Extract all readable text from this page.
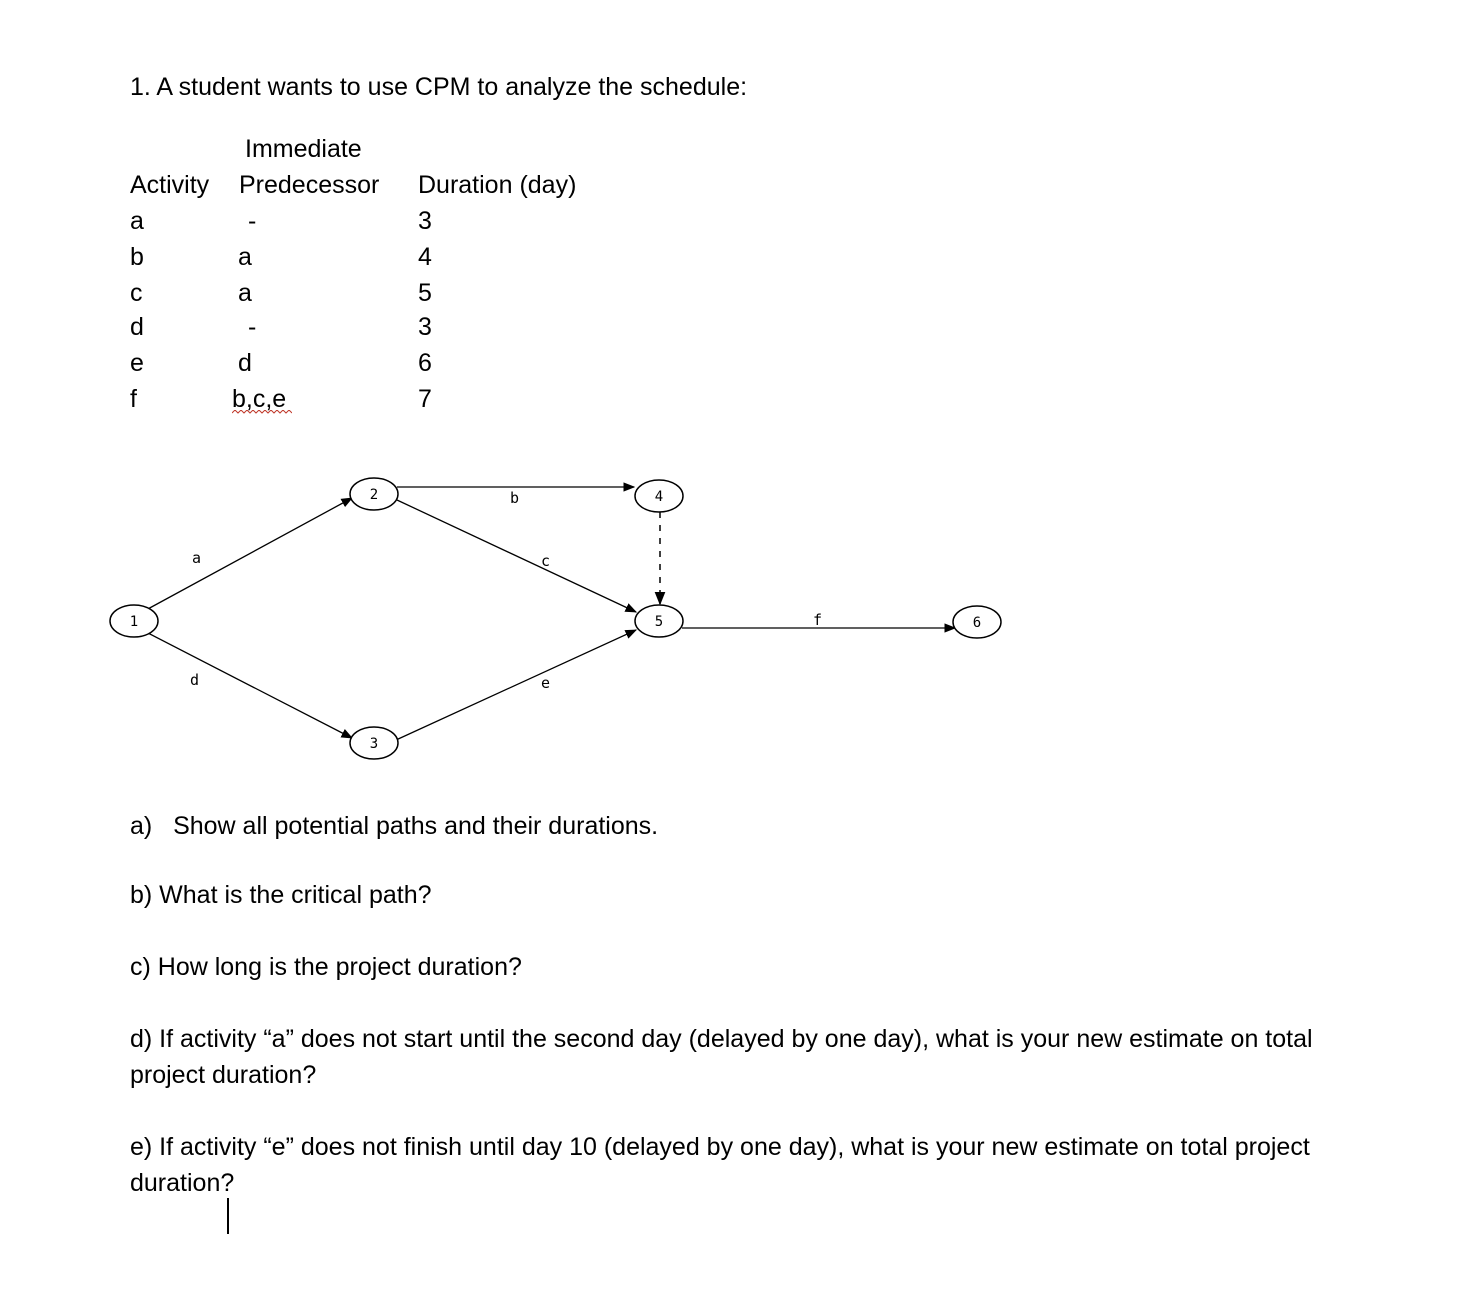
1. A student wants to use CPM to analyze the schedule:
Immediate
Activity Predecessor Duration (day)
a	-	3
b	a	4
c	a	5
d	-	3
e	d	6
f	b,c,e	7
a
d
b
c
e
f
1
2
3
4
5	6
a)   Show all potential paths and their durations.
b) What is the critical path?
c) How long is the project duration?
d) If activity “a” does not start until the second day (delayed by one day), what is your new estimate on total project duration?
e) If activity “e” does not finish until day 10 (delayed by one day), what is your new estimate on total project duration?
